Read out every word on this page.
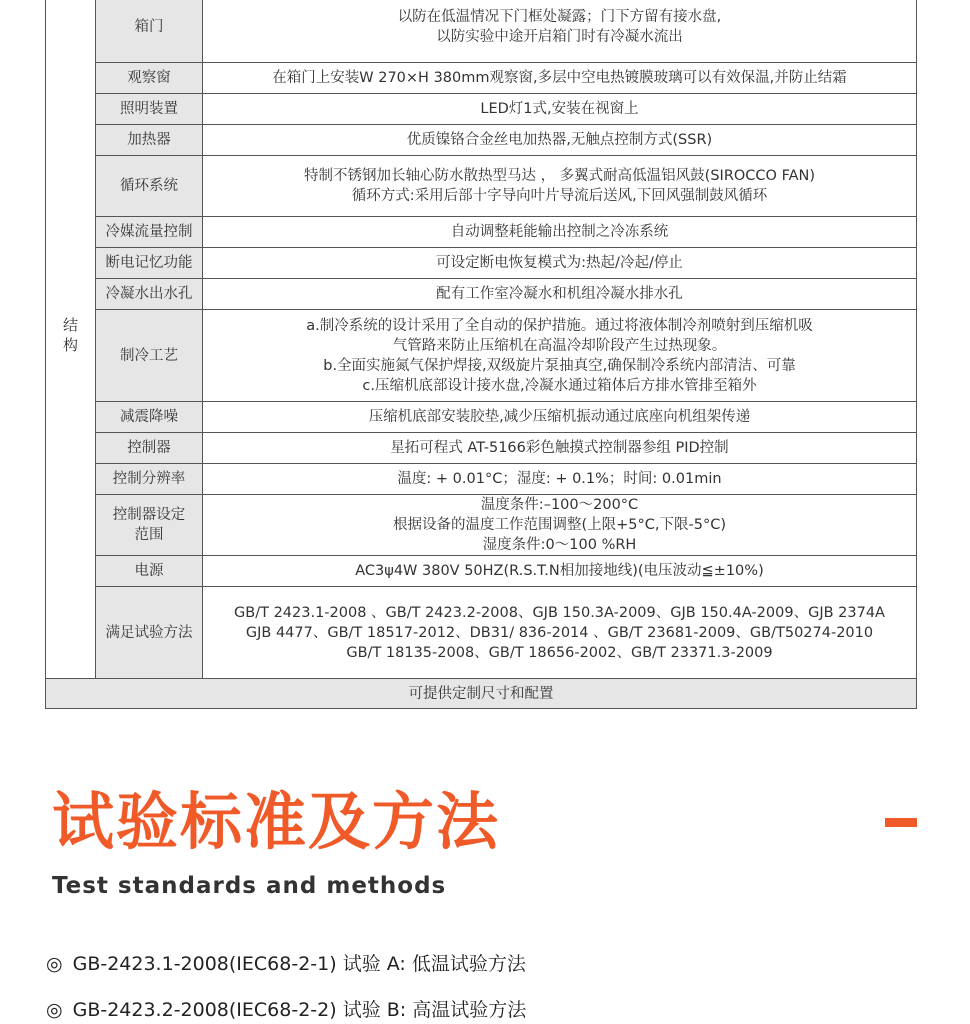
结
构	箱门	以防在低温情况下门框处凝露；门下方留有接水盘,
以防实验中途开启箱门时有冷凝水流出

	观察窗	在箱门上安装W 270×H 380mm观察窗,多层中空电热镀膜玻璃可以有效保温,并防止结霜

	照明装置	LED灯1式,安装在视窗上

	加热器	优质镍铬合金丝电加热器,无触点控制方式(SSR)

	循环系统	特制不锈钢加长轴心防水散热型马达 ， 多翼式耐高低温铝风鼓(SIROCCO FAN)
循环方式:采用后部十字导向叶片导流后送风,下回风强制鼓风循环

	冷媒流量控制	自动调整耗能输出控制之冷冻系统

	断电记忆功能	可设定断电恢复模式为:热起/冷起/停止

	冷凝水出水孔	配有工作室冷凝水和机组冷凝水排水孔

	制冷工艺	a.制冷系统的设计采用了全自动的保护措施。通过将液体制冷剂喷射到压缩机吸
气管路来防止压缩机在高温冷却阶段产生过热现象。
b.全面实施氮气保护焊接,双级旋片泵抽真空,确保制冷系统内部清洁、可靠
c.压缩机底部设计接水盘,冷凝水通过箱体后方排水管排至箱外

	减震降噪	压缩机底部安装胶垫,减少压缩机振动通过底座向机组架传递

	控制器	星拓可程式 AT-5166彩色触摸式控制器参组 PID控制

	控制分辨率	温度: + 0.01°C；湿度: + 0.1%；时间: 0.01min

	控制器设定
范围	温度条件:–100～200°C
根据设备的温度工作范围调整(上限+5°C,下限-5°C)
湿度条件:0～100 %RH

	电源	AC3ψ4W 380V 50HZ(R.S.T.N相加接地线)(电压波动≦±10%)

	满足试验方法	GB/T 2423.1-2008 、GB/T 2423.2-2008、GJB 150.3A-2009、GJB 150.4A-2009、GJB 2374A
GJB 4477、GB/T 18517-2012、DB31/ 836-2014 、GB/T 23681-2009、GB/T50274-2010
GB/T 18135-2008、GB/T 18656-2002、GB/T 23371.3-2009

可提供定制尺寸和配置		
试验标准及方法
Test standards and methods
◎ GB-2423.1-2008(IEC68-2-1) 试验 A: 低温试验方法
◎ GB-2423.2-2008(IEC68-2-2) 试验 B: 高温试验方法
